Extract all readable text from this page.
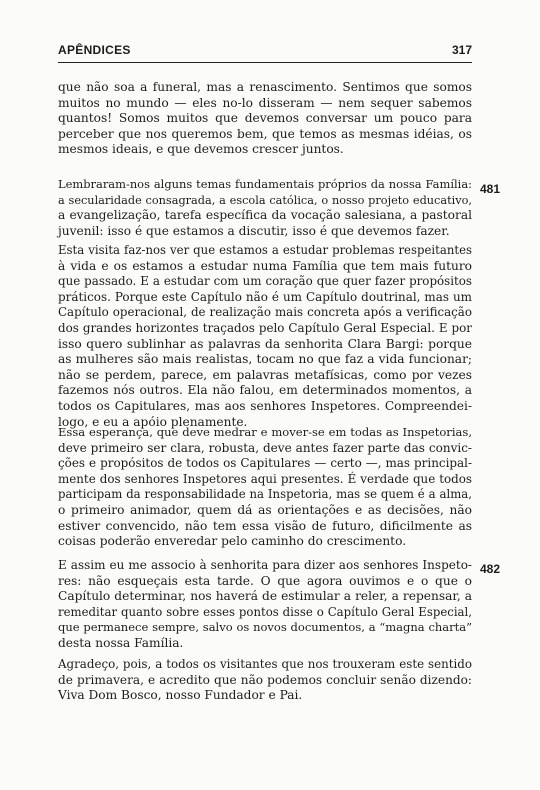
APÊNDICES	317
que não soa a funeral, mas a renascimento. Sentimos que somos
muitos no mundo — eles no-lo disseram — nem sequer sabemos
quantos! Somos muitos que devemos conversar um pouco para
perceber que nos queremos bem, que temos as mesmas idéias, os
mesmos ideais, e que devemos crescer juntos.
481
Lembraram-nos alguns temas fundamentais próprios da nossa Família:
a secularidade consagrada, a escola católica, o nosso projeto educativo,
a evangelização, tarefa específica da vocação salesiana, a pastoral
juvenil: isso é que estamos a discutir, isso é que devemos fazer.
Esta visita faz-nos ver que estamos a estudar problemas respeitantes
à vida e os estamos a estudar numa Família que tem mais futuro
que passado. E a estudar com um coração que quer fazer propósitos
práticos. Porque este Capítulo não é um Capítulo doutrinal, mas um
Capítulo operacional, de realização mais concreta após a verificação
dos grandes horizontes traçados pelo Capítulo Geral Especial. E por
isso quero sublinhar as palavras da senhorita Clara Bargi: porque
as mulheres são mais realistas, tocam no que faz a vida funcionar;
não se perdem, parece, em palavras metafísicas, como por vezes
fazemos nós outros. Ela não falou, em determinados momentos, a
todos os Capitulares, mas aos senhores Inspetores. Compreendei-
logo, e eu a apóio plenamente.
Essa esperança, que deve medrar e mover-se em todas as Inspetorias,
deve primeiro ser clara, robusta, deve antes fazer parte das convic-
ções e propósitos de todos os Capitulares — certo —, mas principal-
mente dos senhores Inspetores aqui presentes. É verdade que todos
participam da responsabilidade na Inspetoria, mas se quem é a alma,
o primeiro animador, quem dá as orientações e as decisões, não
estiver convencido, não tem essa visão de futuro, dificilmente as
coisas poderão enveredar pelo caminho do crescimento.
482
E assim eu me associo à senhorita para dizer aos senhores Inspeto-
res: não esqueçais esta tarde. O que agora ouvimos e o que o
Capítulo determinar, nos haverá de estimular a reler, a repensar, a
remeditar quanto sobre esses pontos disse o Capítulo Geral Especial,
que permanece sempre, salvo os novos documentos, a “magna charta”
desta nossa Família.
Agradeço, pois, a todos os visitantes que nos trouxeram este sentido
de primavera, e acredito que não podemos concluir senão dizendo:
Viva Dom Bosco, nosso Fundador e Pai.
